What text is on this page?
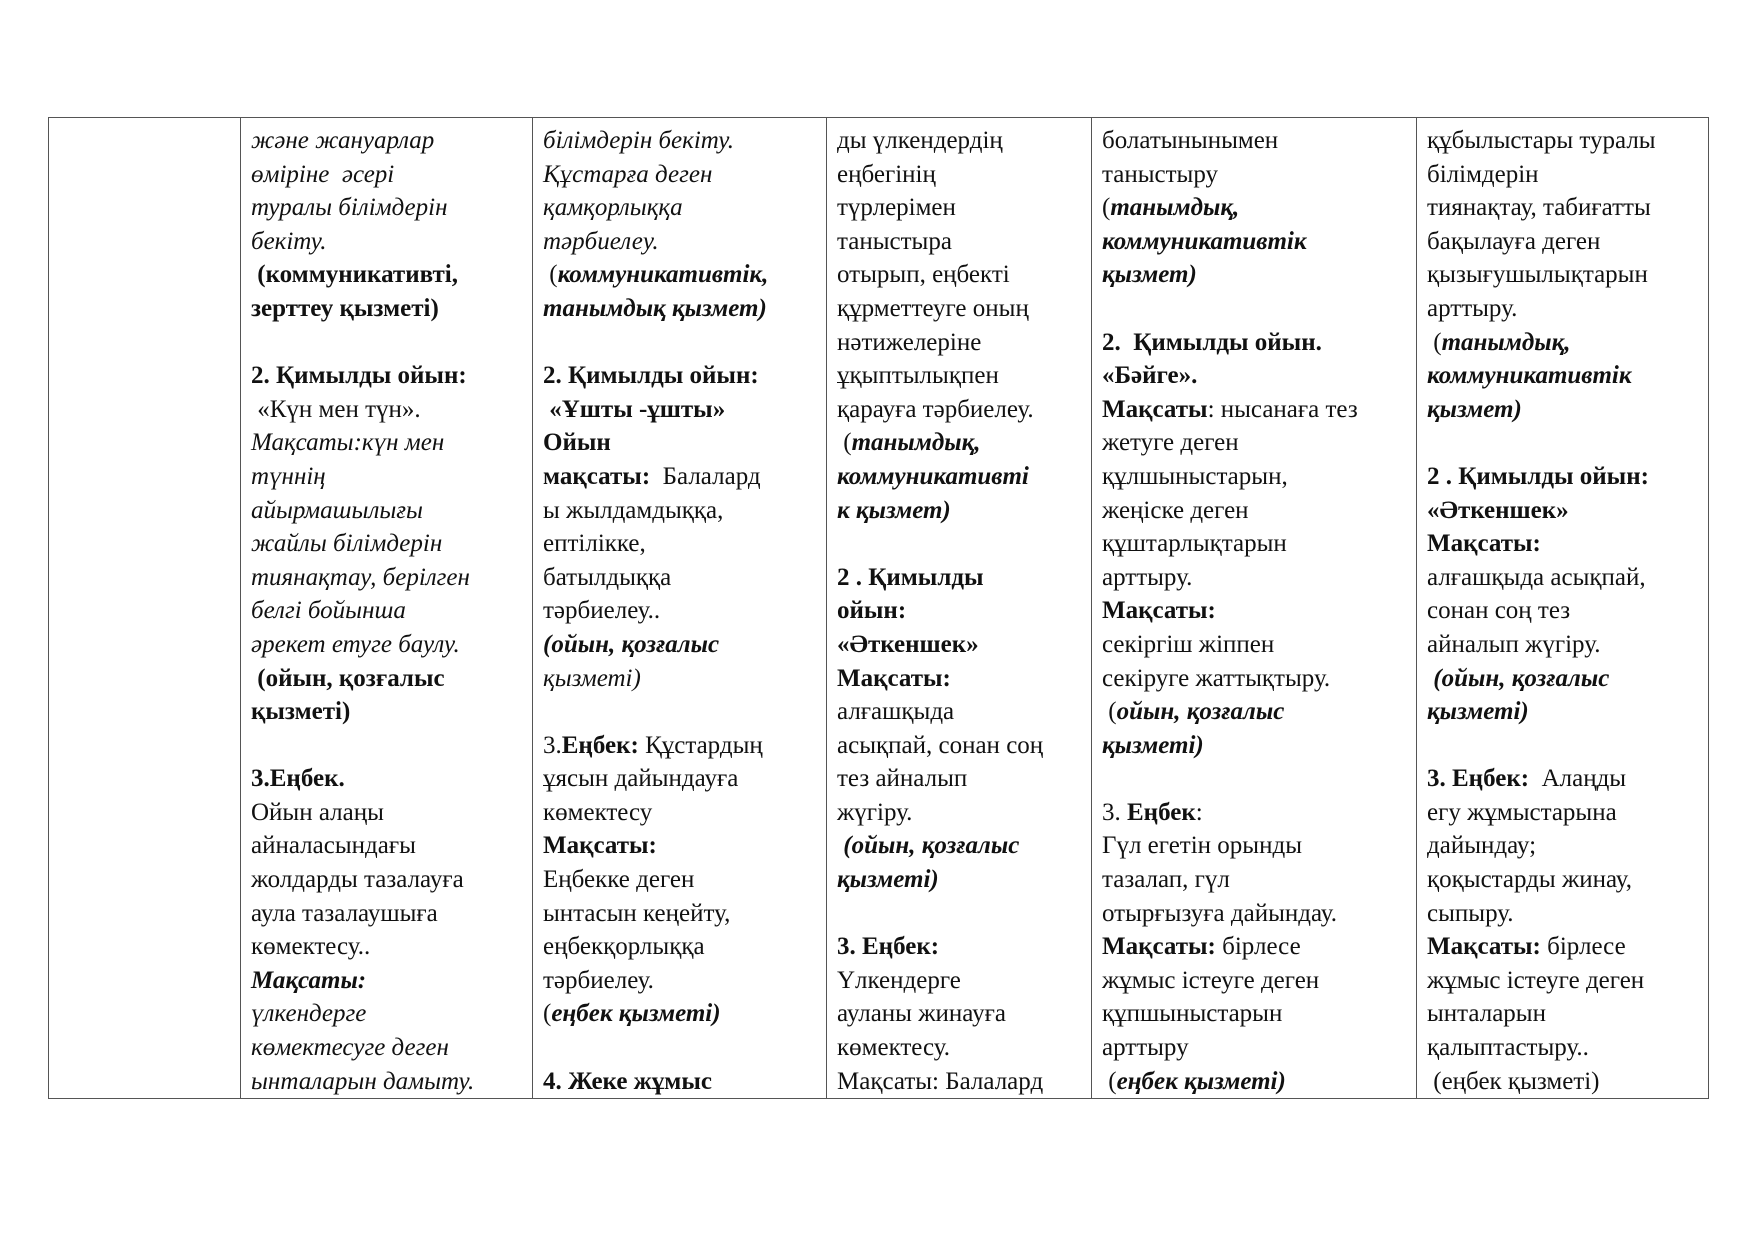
және жануарлар
өміріне  әсері
туралы білімдерін
бекіту.
(коммуникативті,
зерттеу қызметі)
2. Қимылды ойын:
«Күн мен түн».
Мақсаты:күн мен
түннің
айырмашылығы
жайлы білімдерін
тиянақтау, берілген
белгі бойынша
әрекет етуге баулу.
(ойын, қозғалыс
қызметі)
3.Еңбек.
Ойын алаңы
айналасындағы
жолдарды тазалауға
аула тазалаушыға
көмектесу..
Мақсаты:
үлкендерге
көмектесуге деген
ынталарын дамыту.

білімдерін бекіту.
Құстарға деген
қамқорлыққа
тәрбиелеу.
(коммуникативтік,
танымдық қызмет)
2. Қимылды ойын:
«Ұшты -ұшты»
Ойын
мақсаты:  Балалард
ы жылдамдыққа,
ептілікке,
батылдыққа
тәрбиелеу..
(ойын, қозғалыс
қызметі)
3.Еңбек: Құстардың
ұясын дайындауға
көмектесу
Мақсаты:
Еңбекке деген
ынтасын кеңейту,
еңбекқорлыққа
тәрбиелеу.
(еңбек қызметі)
4. Жеке жұмыс

ды үлкендердің
еңбегінің
түрлерімен
таныстыра
отырып, еңбекті
құрметтеуге оның
нәтижелеріне
ұқыптылықпен
қарауға тәрбиелеу.
(танымдық,
коммуникативті
к қызмет)
2 . Қимылды
ойын:
«Әткеншек»
Мақсаты:
алғашқыда
асықпай, сонан соң
тез айналып
жүгіру.
(ойын, қозғалыс
қызметі)
3. Еңбек:
Үлкендерге
ауланы жинауға
көмектесу.
Мақсаты: Балалард

болатынынымен
таныстыру
(танымдық,
коммуникативтік
қызмет)
2.  Қимылды ойын.
«Бәйге».
Мақсаты: нысанаға тез
жетуге деген
құлшыныстарын,
жеңіске деген
құштарлықтарын
арттыру.
Мақсаты:
секіргіш жіппен
секіруге жаттықтыру.
(ойын, қозғалыс
қызметі)
3. Еңбек:
Гүл егетін орынды
тазалап, гүл
отырғызуға дайындау.
Мақсаты: бірлесе
жұмыс істеуге деген
құпшыныстарын
арттыру
(еңбек қызметі)

құбылыстары туралы
білімдерін
тиянақтау, табиғатты
бақылауға деген
қызығушылықтарын
арттыру.
(танымдық,
коммуникативтік
қызмет)
2 . Қимылды ойын:
«Әткеншек»
Мақсаты:
алғашқыда асықпай,
сонан соң тез
айналып жүгіру.
(ойын, қозғалыс
қызметі)
3. Еңбек:  Алаңды
егу жұмыстарына
дайындау;
қоқыстарды жинау,
сыпыру.
Мақсаты: бірлесе
жұмыс істеуге деген
ынталарын
қалыптастыру..
(еңбек қызметі)
